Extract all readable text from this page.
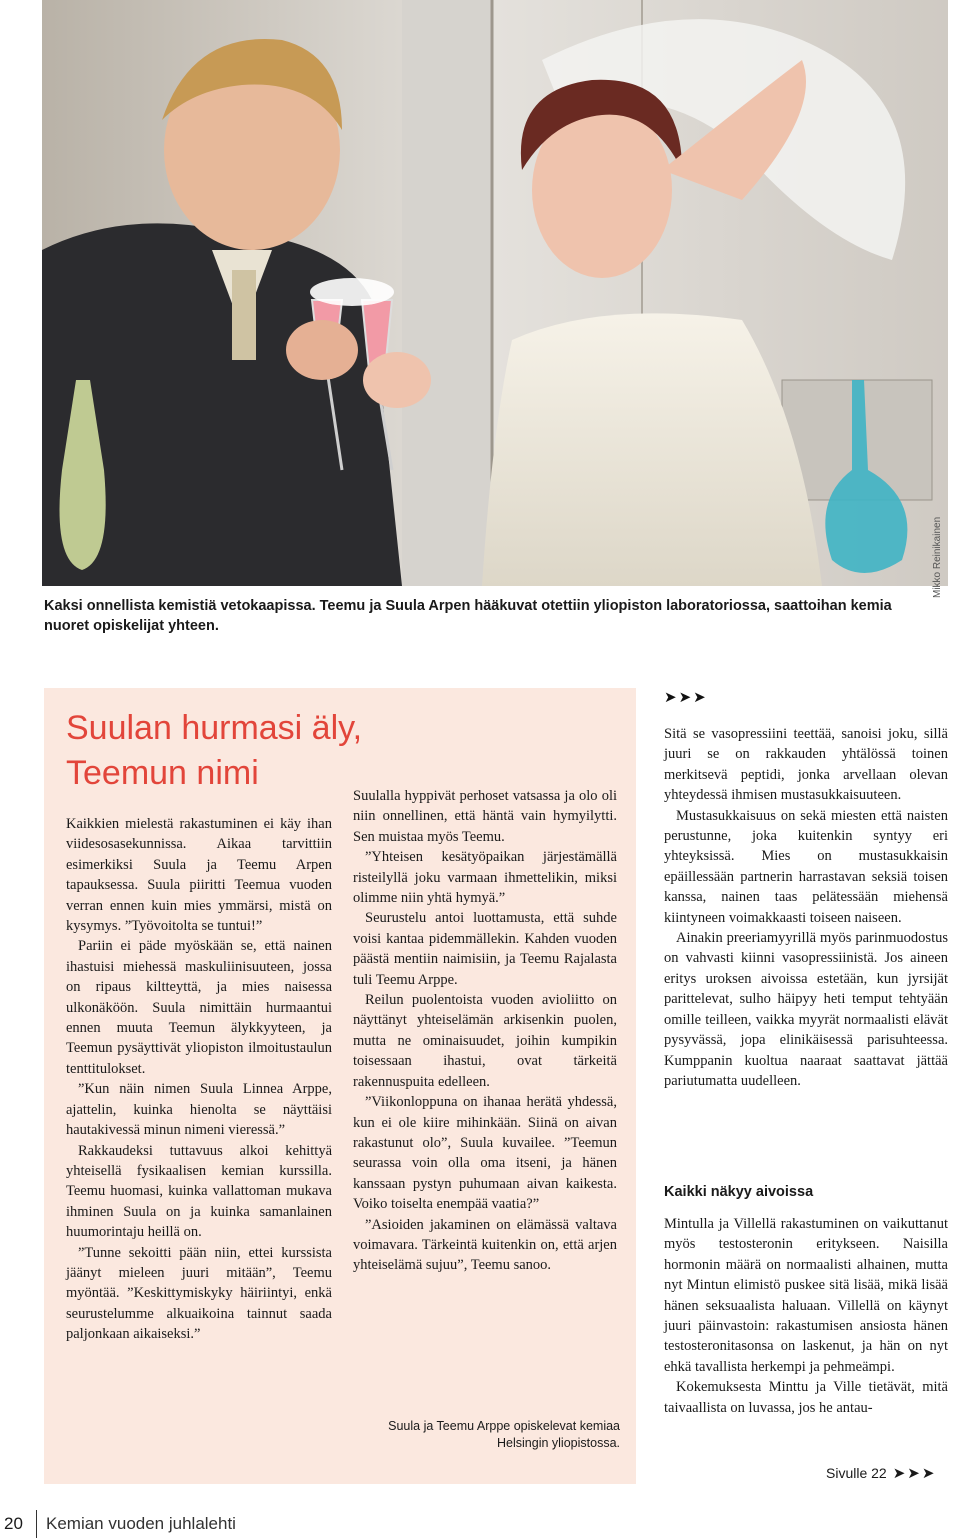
Mikko Reinikainen
Kaksi onnellista kemistiä vetokaapissa. Teemu ja Suula Arpen hääkuvat otettiin yliopiston laboratoriossa, saattoihan kemia nuoret opiskelijat yhteen.
Suulan hurmasi äly,
Teemun nimi

Kaikkien mielestä rakastuminen ei käy ihan viidesosasekunnissa. Aikaa tarvittiin esimerkiksi Suula ja Teemu Arpen tapauksessa. Suula piiritti Teemua vuoden verran ennen kuin mies ymmärsi, mistä on kysymys. ”Työvoitolta se tuntui!”

Pariin ei päde myöskään se, että nainen ihastuisi miehessä maskuliinisuuteen, jossa on ripaus kiltteyttä, ja mies naisessa ulkonäköön. Suula nimittäin hurmaantui ennen muuta Teemun älykkyyteen, ja Teemun pysäyttivät yliopiston ilmoitustaulun tenttitulokset.

”Kun näin nimen Suula Linnea Arppe, ajattelin, kuinka hienolta se näyttäisi hautakivessä minun nimeni vieressä.”

Rakkaudeksi tuttavuus alkoi kehittyä yhteisellä fysikaalisen kemian kurssilla. Teemu huomasi, kuinka vallattoman mukava ihminen Suula on ja kuinka samanlainen huumorintaju heillä on.

”Tunne sekoitti pään niin, ettei kurssista jäänyt mieleen juuri mitään”, Teemu myöntää. ”Keskittymiskyky häiriintyi, enkä seurustelumme alkuaikoina tainnut saada paljonkaan aikaiseksi.”

Suulalla hyppivät perhoset vatsassa ja olo oli niin onnellinen, että häntä vain hymyilytti. Sen muistaa myös Teemu.

”Yhteisen kesätyöpaikan järjestämällä risteilyllä joku varmaan ihmettelikin, miksi olimme niin yhtä hymyä.”

Seurustelu antoi luottamusta, että suhde voisi kantaa pidemmällekin. Kahden vuoden päästä mentiin naimisiin, ja Teemu Rajalasta tuli Teemu Arppe.

Reilun puolentoista vuoden avioliitto on näyttänyt yhteiselämän arkisenkin puolen, mutta ne ominaisuudet, joihin kumpikin toisessaan ihastui, ovat tärkeitä rakennuspuita edelleen.

”Viikonloppuna on ihanaa herätä yhdessä, kun ei ole kiire mihinkään. Siinä on aivan rakastunut olo”, Suula kuvailee. ”Teemun seurassa voin olla oma itseni, ja hänen kanssaan pystyn puhumaan aivan kaikesta. Voiko toiselta enempää vaatia?”

”Asioiden jakaminen on elämässä valtava voimavara. Tärkeintä kuitenkin on, että arjen yhteiselämä sujuu”, Teemu sanoo.

Suula ja Teemu Arppe opiskelevat kemiaa
Helsingin yliopistossa.
➤➤➤

Sitä se vasopressiini teettää, sanoisi joku, sillä juuri se on rakkauden yhtälössä toinen merkitsevä peptidi, jonka arvellaan olevan yhteydessä ihmisen mustasukkaisuuteen.

Mustasukkaisuus on sekä miesten että naisten perustunne, joka kuitenkin syntyy eri yhteyksissä. Mies on mustasukkaisin epäillessään partnerin harrastavan seksiä toisen kanssa, nainen taas pelätessään miehensä kiintyneen voimakkaasti toiseen naiseen.

Ainakin preeriamyyrillä myös parinmuodostus on vahvasti kiinni vasopressiinistä. Jos aineen eritys uroksen aivoissa estetään, kun jyrsijät parittelevat, sulho häipyy heti temput tehtyään omille teilleen, vaikka myyrät normaalisti elävät pysyvässä, jopa elinikäisessä parisuhteessa. Kumppanin kuoltua naaraat saattavat jättää pariutumatta uudelleen.

Kaikki näkyy aivoissa

Mintulla ja Villellä rakastuminen on vaikuttanut myös testosteronin eritykseen. Naisilla hormonin määrä on normaalisti alhainen, mutta nyt Mintun elimistö puskee sitä lisää, mikä lisää hänen seksuaalista haluaan. Villellä on käynyt juuri päinvastoin: rakastumisen ansiosta hänen testosteronitasonsa on laskenut, ja hän on nyt ehkä tavallista herkempi ja pehmeämpi.

Kokemuksesta Minttu ja Ville tietävät, mitä taivaallista on luvassa, jos he antau-

Sivulle 22 ➤➤➤
20 Kemian vuoden juhlalehti
